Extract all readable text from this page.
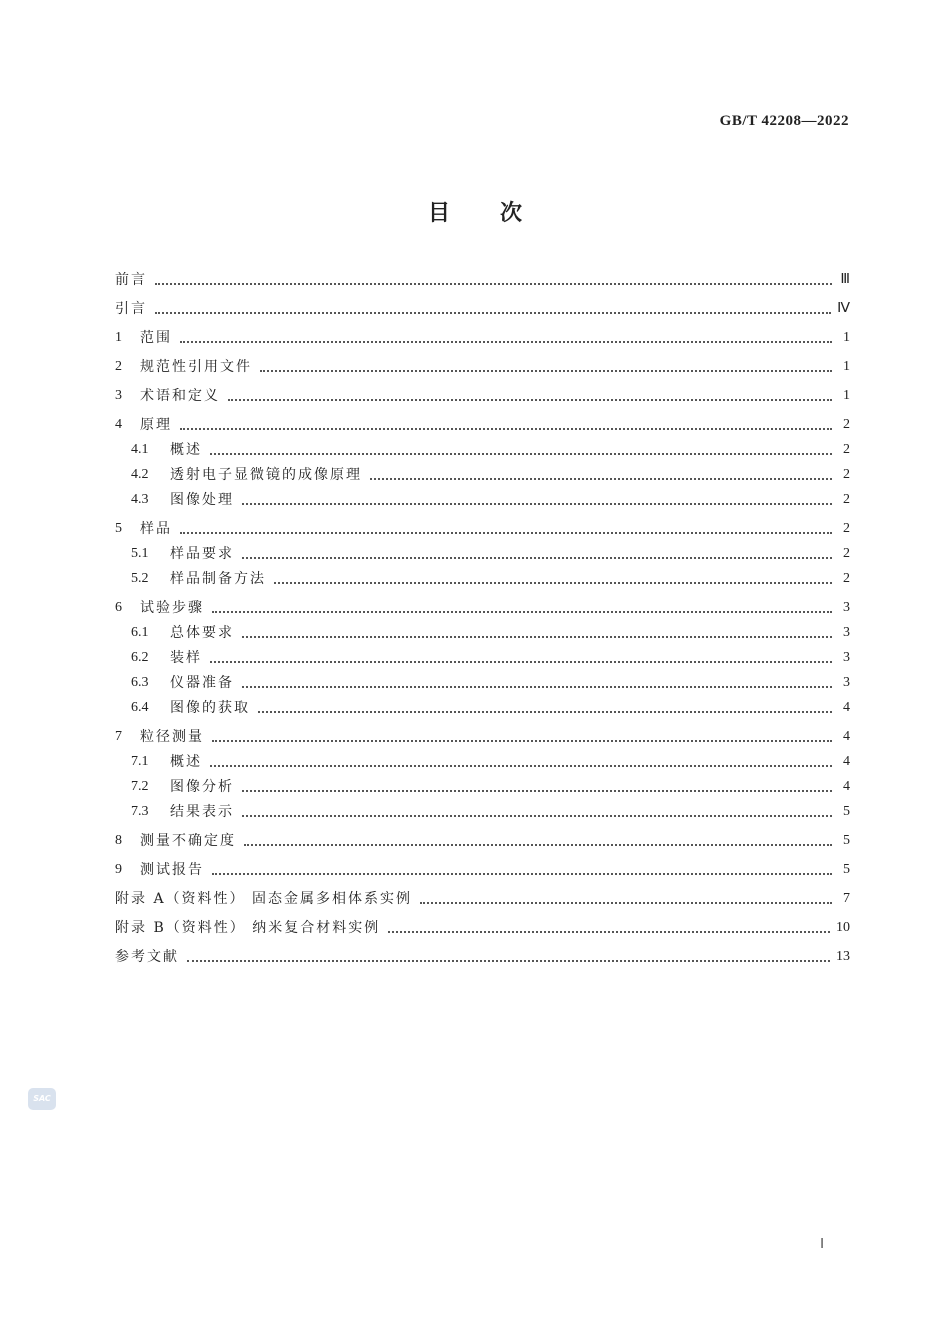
GB/T 42208—2022
目次
前言	Ⅲ
引言	Ⅳ
1	范围	1
2	规范性引用文件	1
3	术语和定义	1
4	原理	2
4.1	概述	2
4.2	透射电子显微镜的成像原理	2
4.3	图像处理	2
5	样品	2
5.1	样品要求	2
5.2	样品制备方法	2
6	试验步骤	3
6.1	总体要求	3
6.2	装样	3
6.3	仪器准备	3
6.4	图像的获取	4
7	粒径测量	4
7.1	概述	4
7.2	图像分析	4
7.3	结果表示	5
8	测量不确定度	5
9	测试报告	5
附录 A（资料性） 固态金属多相体系实例	7
附录 B（资料性） 纳米复合材料实例	10
参考文献	13
SAC
Ⅰ
